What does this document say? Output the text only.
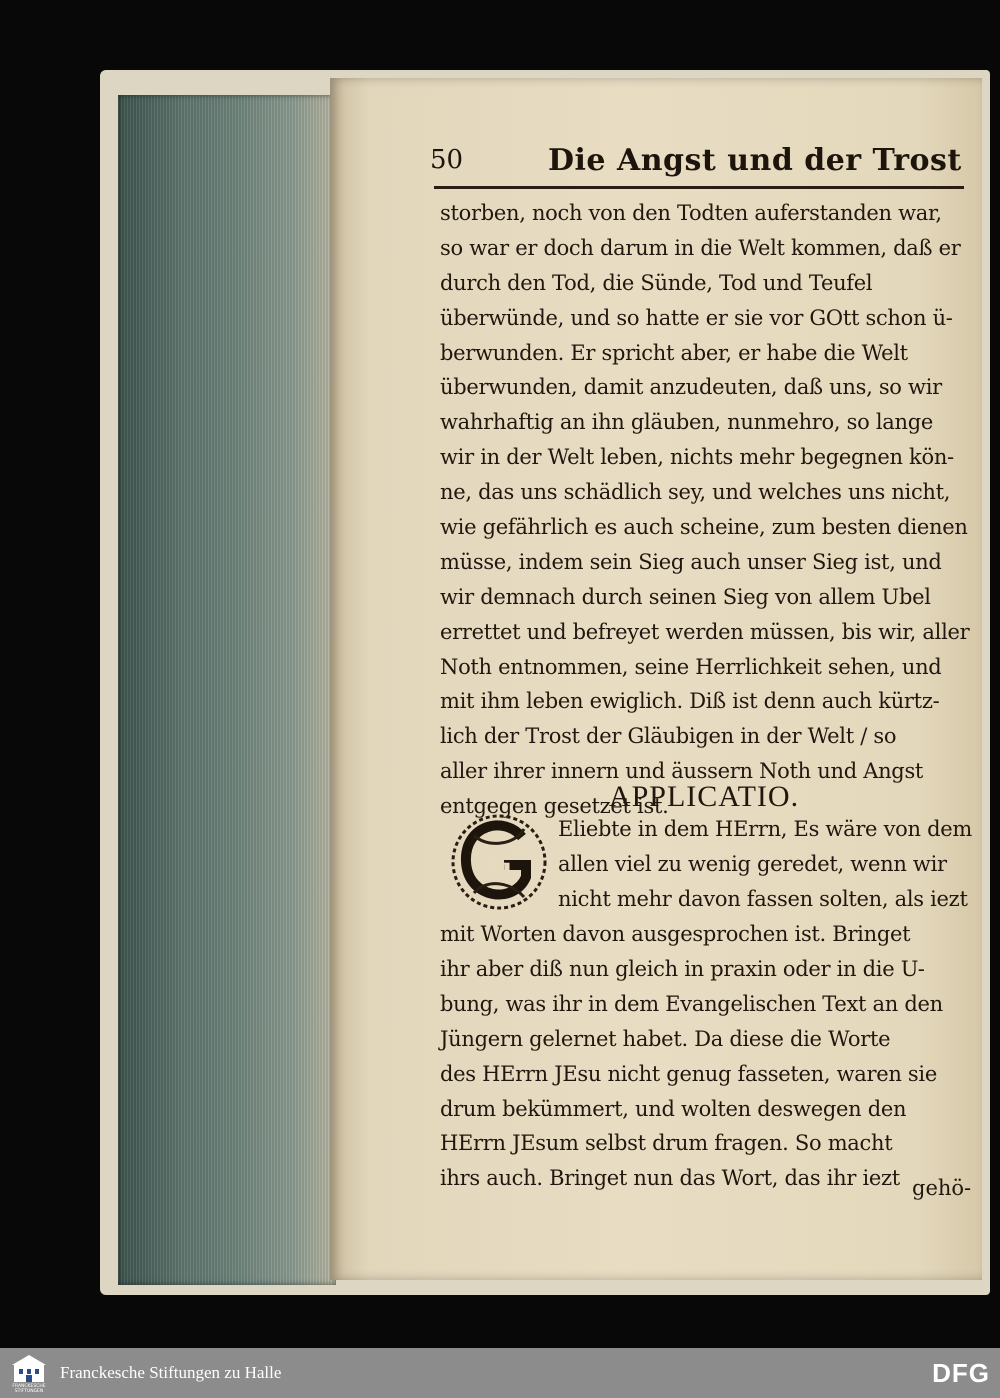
50	Die Angst und der Trost
storben, noch von den Todten auferstanden war,
so war er doch darum in die Welt kommen, daß er
durch den Tod, die Sünde, Tod und Teufel
überwünde, und so hatte er sie vor GOtt schon ü-
berwunden. Er spricht aber, er habe die Welt
überwunden, damit anzudeuten, daß uns, so wir
wahrhaftig an ihn gläuben, nunmehro, so lange
wir in der Welt leben, nichts mehr begegnen kön-
ne, das uns schädlich sey, und welches uns nicht,
wie gefährlich es auch scheine, zum besten dienen
müsse, indem sein Sieg auch unser Sieg ist, und
wir demnach durch seinen Sieg von allem Ubel
errettet und befreyet werden müssen, bis wir, aller
Noth entnommen, seine Herrlichkeit sehen, und
mit ihm leben ewiglich. Diß ist denn auch kürtz-
lich der Trost der Gläubigen in der Welt / so
aller ihrer innern und äussern Noth und Angst
entgegen gesetzet ist.
APPLICATIO.
G
Eliebte in dem HErrn, Es wäre von dem
allen viel zu wenig geredet, wenn wir
nicht mehr davon fassen solten, als iezt
mit Worten davon ausgesprochen ist. Bringet
ihr aber diß nun gleich in praxin oder in die U-
bung, was ihr in dem Evangelischen Text an den
Jüngern gelernet habet. Da diese die Worte
des HErrn JEsu nicht genug fasseten, waren sie
drum bekümmert, und wolten deswegen den
HErrn JEsum selbst drum fragen. So macht
ihrs auch. Bringet nun das Wort, das ihr iezt gehö-
FRANCKESCHE STIFTUNGEN
Franckesche Stiftungen zu Halle	DFG
